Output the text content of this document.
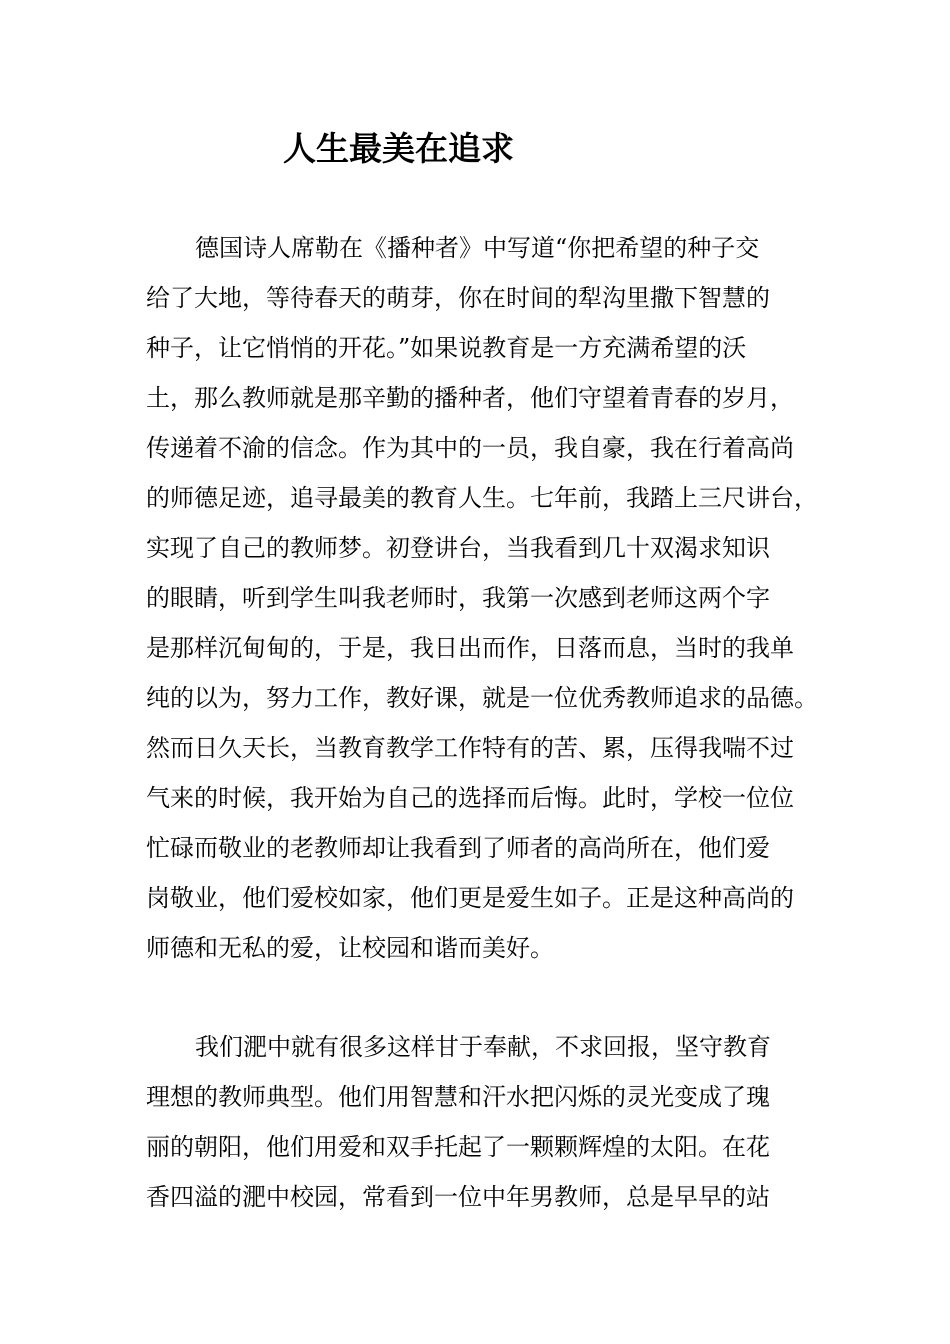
人生最美在追求
德国诗人席勒在《播种者》中写道“你把希望的种子交
给了大地，等待春天的萌芽，你在时间的犁沟里撒下智慧的
种子，让它悄悄的开花。”如果说教育是一方充满希望的沃
土，那么教师就是那辛勤的播种者，他们守望着青春的岁月，
传递着不渝的信念。作为其中的一员，我自豪，我在行着高尚
的师德足迹，追寻最美的教育人生。七年前，我踏上三尺讲台，
实现了自己的教师梦。初登讲台，当我看到几十双渴求知识
的眼睛，听到学生叫我老师时，我第一次感到老师这两个字
是那样沉甸甸的，于是，我日出而作，日落而息，当时的我单
纯的以为，努力工作，教好课，就是一位优秀教师追求的品德。
然而日久天长，当教育教学工作特有的苦、累，压得我喘不过
气来的时候，我开始为自己的选择而后悔。此时，学校一位位
忙碌而敬业的老教师却让我看到了师者的高尚所在，他们爱
岗敬业，他们爱校如家，他们更是爱生如子。正是这种高尚的
师德和无私的爱，让校园和谐而美好。
我们淝中就有很多这样甘于奉献，不求回报，坚守教育
理想的教师典型。他们用智慧和汗水把闪烁的灵光变成了瑰
丽的朝阳，他们用爱和双手托起了一颗颗辉煌的太阳。在花
香四溢的淝中校园，常看到一位中年男教师，总是早早的站
